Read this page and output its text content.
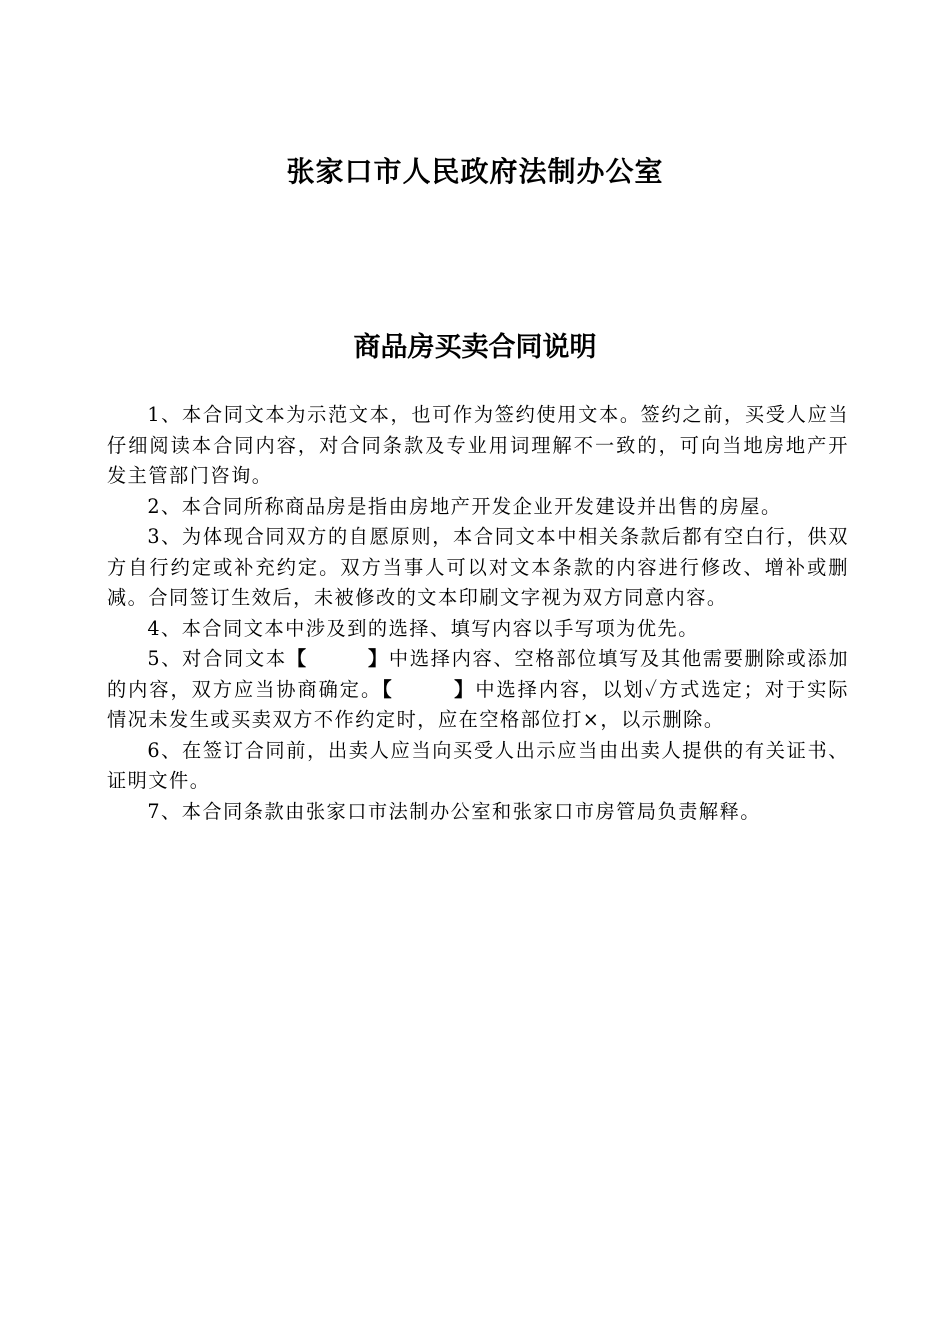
张家口市人民政府法制办公室
商品房买卖合同说明

1、本合同文本为示范文本，也可作为签约使用文本。签约之前，买受人应当仔细阅读本合同内容，对合同条款及专业用词理解不一致的，可向当地房地产开发主管部门咨询。

2、本合同所称商品房是指由房地产开发企业开发建设并出售的房屋。

3、为体现合同双方的自愿原则，本合同文本中相关条款后都有空白行，供双方自行约定或补充约定。双方当事人可以对文本条款的内容进行修改、增补或删减。合同签订生效后，未被修改的文本印刷文字视为双方同意内容。

4、本合同文本中涉及到的选择、填写内容以手写项为优先。

5、对合同文本【	】中选择内容、空格部位填写及其他需要删除或添加的内容，双方应当协商确定。【	】中选择内容，以划✓方式选定；对于实际情况未发生或买卖双方不作约定时，应在空格部位打×，以示删除。

6、在签订合同前，出卖人应当向买受人出示应当由出卖人提供的有关证书、证明文件。

7、本合同条款由张家口市法制办公室和张家口市房管局负责解释。
